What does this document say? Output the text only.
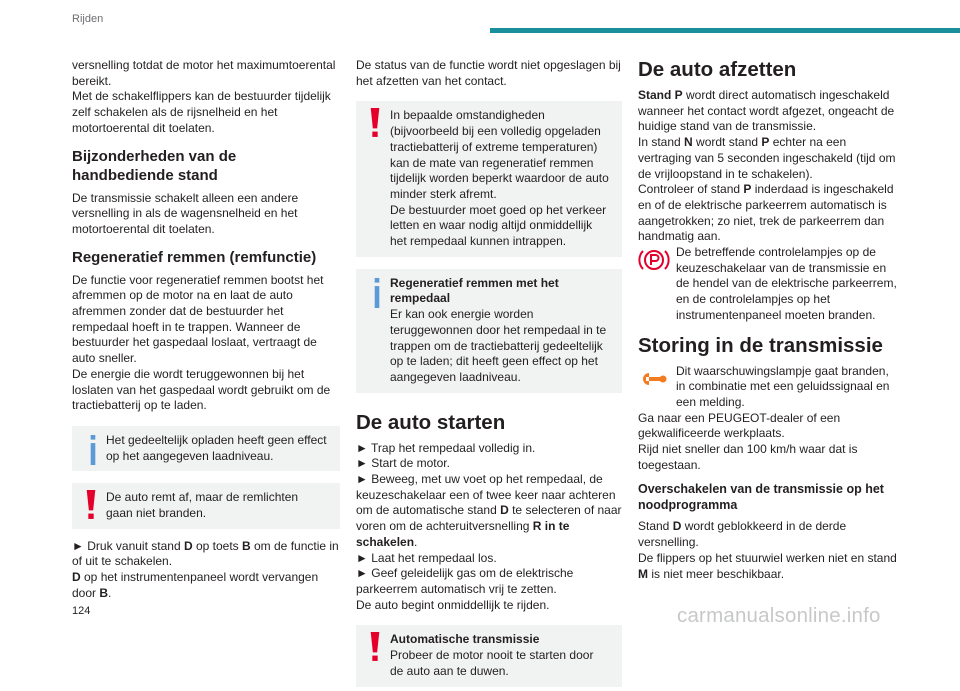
Rijden

versnelling totdat de motor het maximumtoerental bereikt.

Met de schakelflippers kan de bestuurder tijdelijk zelf schakelen als de rijsnelheid en het motortoerental dit toelaten.

Bijzonderheden van de handbediende stand

De transmissie schakelt alleen een andere versnelling in als de wagensnelheid en het motortoerental dit toelaten.

Regeneratief remmen (remfunctie)

De functie voor regeneratief remmen bootst het afremmen op de motor na en laat de auto afremmen zonder dat de bestuurder het rempedaal hoeft in te trappen. Wanneer de bestuurder het gaspedaal loslaat, vertraagt de auto sneller.

De energie die wordt teruggewonnen bij het loslaten van het gaspedaal wordt gebruikt om de tractiebatterij op te laden.

Het gedeeltelijk opladen heeft geen effect op het aangegeven laadniveau.

De auto remt af, maar de remlichten gaan niet branden.

► Druk vanuit stand D op toets B om de functie in of uit te schakelen.

D op het instrumentenpaneel wordt vervangen door B.

De status van de functie wordt niet opgeslagen bij het afzetten van het contact.

In bepaalde omstandigheden (bijvoorbeeld bij een volledig opgeladen tractiebatterij of extreme temperaturen) kan de mate van regeneratief remmen tijdelijk worden beperkt waardoor de auto minder sterk afremt.

De bestuurder moet goed op het verkeer letten en waar nodig altijd onmiddellijk het rempedaal kunnen intrappen.

Regeneratief remmen met het rempedaal

Er kan ook energie worden teruggewonnen door het rempedaal in te trappen om de tractiebatterij gedeeltelijk op te laden; dit heeft geen effect op het aangegeven laadniveau.

De auto starten

► Trap het rempedaal volledig in.

► Start de motor.

► Beweeg, met uw voet op het rempedaal, de keuzeschakelaar een of twee keer naar achteren om de automatische stand D te selecteren of naar voren om de achteruitversnelling R in te schakelen.

► Laat het rempedaal los.

► Geef geleidelijk gas om de elektrische parkeerrem automatisch vrij te zetten.

De auto begint onmiddellijk te rijden.

Automatische transmissie

Probeer de motor nooit te starten door de auto aan te duwen.

De auto afzetten

Stand P wordt direct automatisch ingeschakeld wanneer het contact wordt afgezet, ongeacht de huidige stand van de transmissie.

In stand N wordt stand P echter na een vertraging van 5 seconden ingeschakeld (tijd om de vrijloopstand in te schakelen).

Controleer of stand P inderdaad is ingeschakeld en of de elektrische parkeerrem automatisch is aangetrokken; zo niet, trek de parkeerrem dan handmatig aan.

De betreffende controlelampjes op de keuzeschakelaar van de transmissie en de hendel van de elektrische parkeerrem, en de controlelampjes op het instrumentenpaneel moeten branden.

Storing in de transmissie

Dit waarschuwingslampje gaat branden, in combinatie met een geluidssignaal en een melding.

Ga naar een PEUGEOT-dealer of een gekwalificeerde werkplaats.

Rijd niet sneller dan 100 km/h waar dat is toegestaan.

Overschakelen van de transmissie op het noodprogramma

Stand D wordt geblokkeerd in de derde versnelling.

De flippers op het stuurwiel werken niet en stand M is niet meer beschikbaar.

124	carmanualsonline.info
